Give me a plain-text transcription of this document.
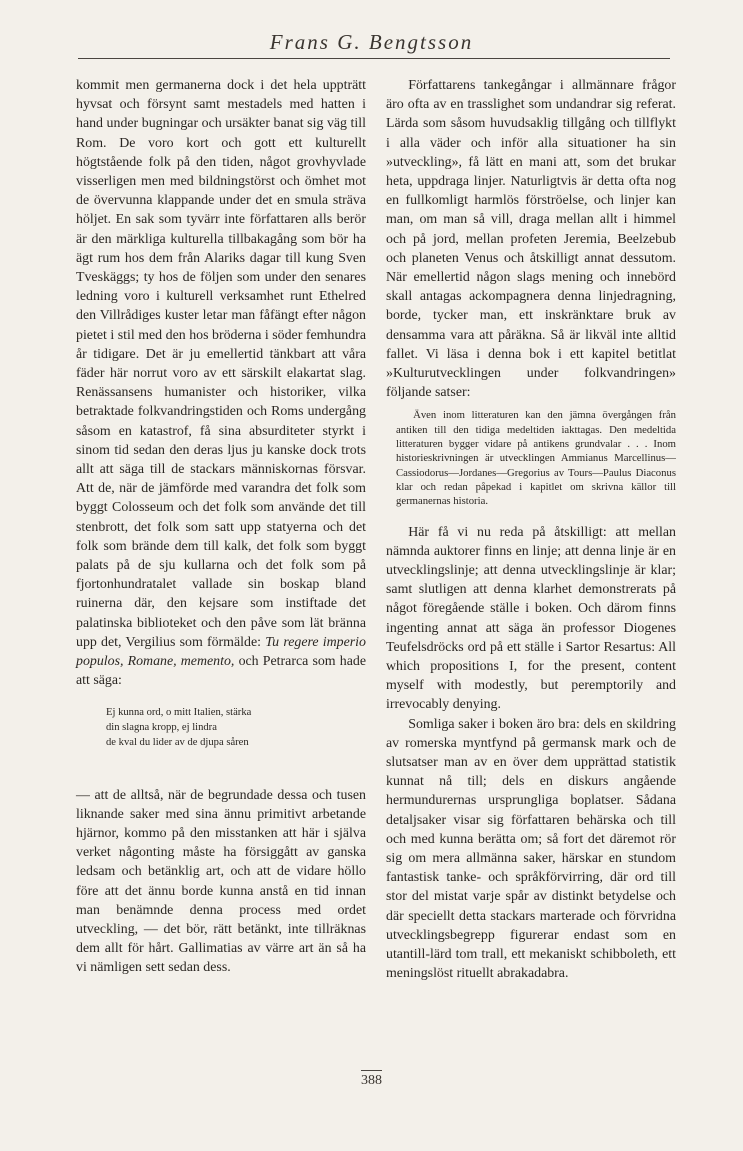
Frans G. Bengtsson

kommit men germanerna dock i det hela uppträtt hyvsat och försynt samt mestadels med hatten i hand under bugningar och ursäkter banat sig väg till Rom. De voro kort och gott ett kulturellt högtstående folk på den tiden, något grovhyvlade visserligen men med bildningstörst och ömhet mot de övervunna klappande under det en smula sträva höljet. En sak som tyvärr inte författaren alls berör är den märkliga kulturella tillbakagång som bör ha ägt rum hos dem från Alariks dagar till kung Sven Tveskäggs; ty hos de följen som under den senares ledning voro i kulturell verksamhet runt Ethelred den Villrådiges kuster letar man fåfängt efter någon pietet i stil med den hos bröderna i söder femhundra år tidigare. Det är ju emellertid tänkbart att våra fäder här norrut voro av ett särskilt elakartat slag. Renässansens humanister och historiker, vilka betraktade folkvandringstiden och Roms undergång såsom en katastrof, få sina absurditeter styrkt i sinom tid sedan den deras ljus ju kanske dock trots allt att säga till de stackars människornas försvar. Att de, när de jämförde med varandra det folk som byggt Colosseum och det folk som använde det till stenbrott, det folk som satt upp statyerna och det folk som brände dem till kalk, det folk som byggt palats på de sju kullarna och det folk som på fjortonhundratalet vallade sin boskap bland ruinerna där, den kejsare som instiftade det palatinska biblioteket och den påve som lät bränna upp det, Vergilius som förmälde: Tu regere imperio populos, Romane, memento, och Petrarca som hade att säga:

Ej kunna ord, o mitt Italien, stärka
din slagna kropp, ej lindra
de kval du lider av de djupa såren

— att de alltså, när de begrundade dessa och tusen liknande saker med sina ännu primitivt arbetande hjärnor, kommo på den misstanken att här i själva verket någonting måste ha försiggått av ganska ledsam och betänklig art, och att de vidare höllo före att det ännu borde kunna anstå en tid innan man benämnde denna process med ordet utveckling, — det bör, rätt betänkt, inte tillräknas dem allt för hårt. Gallimatias av värre art än så ha vi nämligen sett sedan dess.

Författarens tankegångar i allmännare frågor äro ofta av en trasslighet som undandrar sig referat. Lärda som såsom huvudsaklig tillgång och tillflykt i alla väder och inför alla situationer ha sin »utveckling», få lätt en mani att, som det brukar heta, uppdraga linjer. Naturligtvis är detta ofta nog en fullkomligt harmlös förströelse, och linjer kan man, om man så vill, draga mellan allt i himmel och på jord, mellan profeten Jeremia, Beelzebub och planeten Venus och åtskilligt annat dessutom. När emellertid någon slags mening och innebörd skall antagas ackompagnera denna linjedragning, borde, tycker man, ett inskränktare bruk av densamma vara att påräkna. Så är likväl inte alltid fallet. Vi läsa i denna bok i ett kapitel betitlat »Kulturutvecklingen under folkvandringen» följande satser:

Även inom litteraturen kan den jämna övergången från antiken till den tidiga medeltiden iakttagas. Den medeltida litteraturen bygger vidare på antikens grundvalar . . . Inom historieskrivningen är utvecklingen Ammianus Marcellinus—Cassiodorus—Jordanes—Gregorius av Tours—Paulus Diaconus klar och redan påpekad i kapitlet om skrivna källor till germanernas historia.

Här få vi nu reda på åtskilligt: att mellan nämnda auktorer finns en linje; att denna linje är en utvecklingslinje; att denna utvecklingslinje är klar; samt slutligen att denna klarhet demonstrerats på något föregående ställe i boken. Och därom finns ingenting annat att säga än professor Diogenes Teufelsdröcks ord på ett ställe i Sartor Resartus: All which propositions I, for the present, content myself with modestly, but peremptorily and irrevocably denying.

Somliga saker i boken äro bra: dels en skildring av romerska myntfynd på germansk mark och de slutsatser man av en över dem upprättad statistik kunnat nå till; dels en diskurs angående hermundurernas ursprungliga boplatser. Sådana detaljsaker visar sig författaren behärska och till och med kunna berätta om; så fort det däremot rör sig om mera allmänna saker, härskar en stundom fantastisk tanke- och språkförvirring, där ord till stor del mistat varje spår av distinkt betydelse och där speciellt detta stackars marterade och förvridna utvecklingsbegrepp figurerar endast som en utantill-lärd tom trall, ett mekaniskt schibboleth, ett meningslöst rituellt abrakadabra.

388
